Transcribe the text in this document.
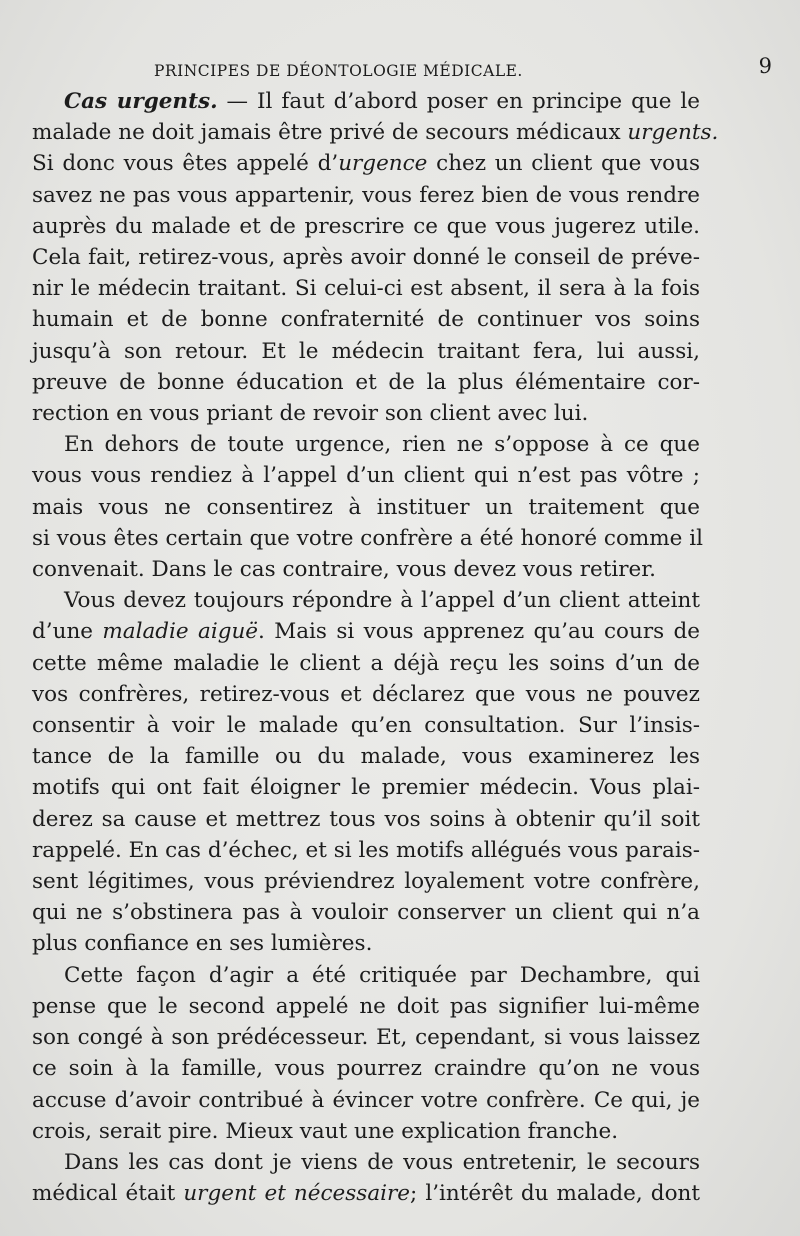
PRINCIPES DE DÉONTOLOGIE MÉDICALE.	9

Cas urgents. — Il faut d’abord poser en principe que le
malade ne doit jamais être privé de secours médicaux urgents.
Si donc vous êtes appelé d’urgence chez un client que vous
savez ne pas vous appartenir, vous ferez bien de vous rendre
auprès du malade et de prescrire ce que vous jugerez utile.
Cela fait, retirez-vous, après avoir donné le conseil de préve-
nir le médecin traitant. Si celui-ci est absent, il sera à la fois
humain et de bonne confraternité de continuer vos soins
jusqu’à son retour. Et le médecin traitant fera, lui aussi,
preuve de bonne éducation et de la plus élémentaire cor-
rection en vous priant de revoir son client avec lui.

En dehors de toute urgence, rien ne s’oppose à ce que
vous vous rendiez à l’appel d’un client qui n’est pas vôtre ;
mais vous ne consentirez à instituer un traitement que
si vous êtes certain que votre confrère a été honoré comme il
convenait. Dans le cas contraire, vous devez vous retirer.

Vous devez toujours répondre à l’appel d’un client atteint
d’une maladie aiguë. Mais si vous apprenez qu’au cours de
cette même maladie le client a déjà reçu les soins d’un de
vos confrères, retirez-vous et déclarez que vous ne pouvez
consentir à voir le malade qu’en consultation. Sur l’insis-
tance de la famille ou du malade, vous examinerez les
motifs qui ont fait éloigner le premier médecin. Vous plai-
derez sa cause et mettrez tous vos soins à obtenir qu’il soit
rappelé. En cas d’échec, et si les motifs allégués vous parais-
sent légitimes, vous préviendrez loyalement votre confrère,
qui ne s’obstinera pas à vouloir conserver un client qui n’a
plus confiance en ses lumières.

Cette façon d’agir a été critiquée par Dechambre, qui
pense que le second appelé ne doit pas signifier lui-même
son congé à son prédécesseur. Et, cependant, si vous laissez
ce soin à la famille, vous pourrez craindre qu’on ne vous
accuse d’avoir contribué à évincer votre confrère. Ce qui, je
crois, serait pire. Mieux vaut une explication franche.

Dans les cas dont je viens de vous entretenir, le secours
médical était urgent et nécessaire; l’intérêt du malade, dont
